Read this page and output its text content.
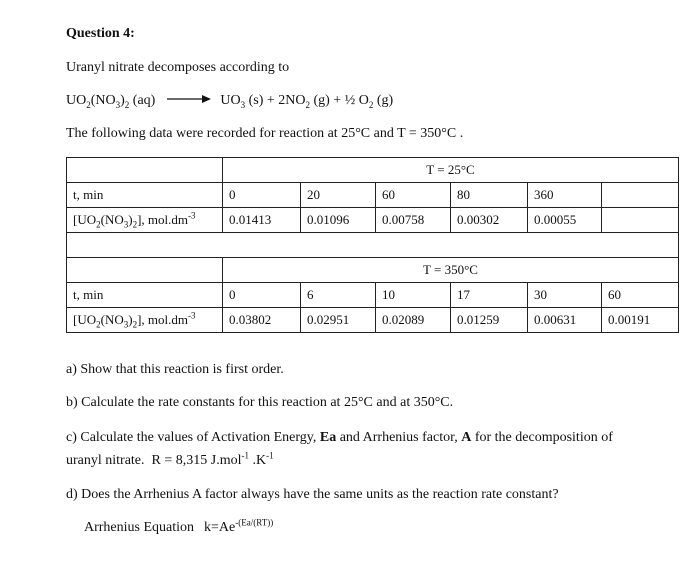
Question 4:
Uranyl nitrate decomposes according to
$UO_2(NO_3)_2$ $(aq) \to UO_3$ $(s) + 2NO_2$ (g) + ½ $O_2$ (g)
The following data were recorded for reaction at 25°C and T = 350°C .
	T = 25°C					
t, min	0	20	60	80	360	
$[UO_2(NO_3)_2]$, $mol.dm^{-3}$	0.01413	0.01096	0.00758	0.00302	0.00055	

	T = 350°C					
t, min	0	6	10	17	30	60
$[UO_2(NO_3)_2]$, $mol.dm^{-3}$	0.03802	0.02951	0.02089	0.01259	0.00631	0.00191
a) Show that this reaction is first order.
b) Calculate the rate constants for this reaction at 25°C and at 350°C.
c) Calculate the values of Activation Energy, Ea and Arrhenius factor, A for the decomposition of
uranyl nitrate.  R = 8,315 J.mol$^{-1}$ $.K^{-1}$
d) Does the Arrhenius A factor always have the same units as the reaction rate constant?
Arrhenius Equation $k=Ae^{-(Ea/(RT))}$
